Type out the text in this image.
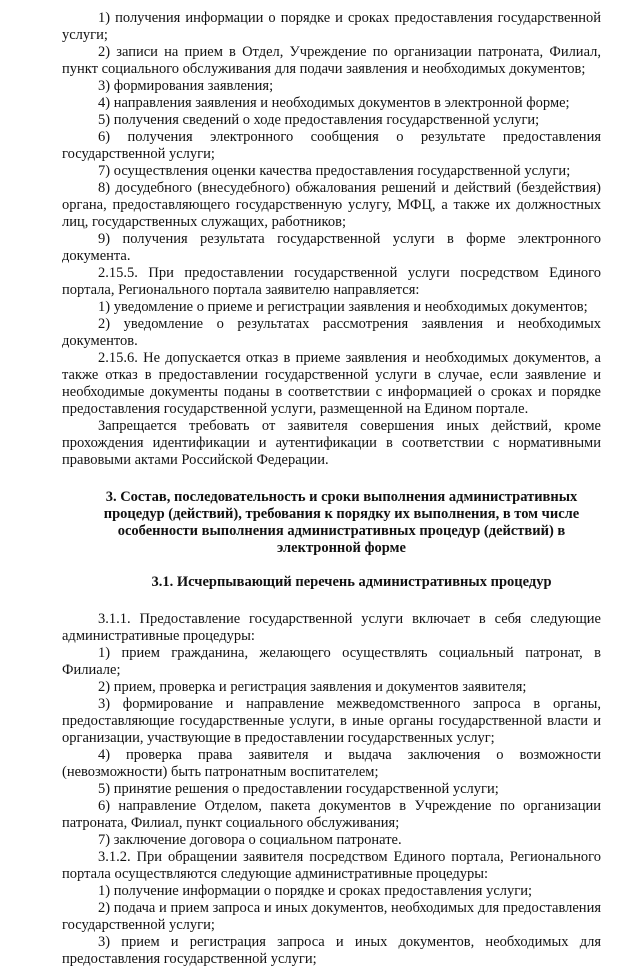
1) получения информации о порядке и сроках предоставления государственной услуги;

2) записи на прием в Отдел, Учреждение по организации патроната, Филиал, пункт социального обслуживания для подачи заявления и необходимых документов;

3) формирования заявления;

4) направления заявления и необходимых документов в электронной форме;

5) получения сведений о ходе предоставления государственной услуги;

6) получения электронного сообщения о результате предоставления государственной услуги;

7) осуществления оценки качества предоставления государственной услуги;

8) досудебного (внесудебного) обжалования решений и действий (бездействия) органа, предоставляющего государственную услугу, МФЦ, а также их должностных лиц, государственных служащих, работников;

9) получения результата государственной услуги в форме электронного документа.

2.15.5. При предоставлении государственной услуги посредством Единого портала, Регионального портала заявителю направляется:

1) уведомление о приеме и регистрации заявления и необходимых документов;

2) уведомление о результатах рассмотрения заявления и необходимых документов.

2.15.6. Не допускается отказ в приеме заявления и необходимых документов, а также отказ в предоставлении государственной услуги в случае, если заявление и необходимые документы поданы в соответствии с информацией о сроках и порядке предоставления государственной услуги, размещенной на Едином портале.

Запрещается требовать от заявителя совершения иных действий, кроме прохождения идентификации и аутентификации в соответствии с нормативными правовыми актами Российской Федерации.

3. Состав, последовательность и сроки выполнения административных процедур (действий), требования к порядку их выполнения, в том числе особенности выполнения административных процедур (действий) в электронной форме

3.1. Исчерпывающий перечень административных процедур

3.1.1. Предоставление государственной услуги включает в себя следующие административные процедуры:

1) прием гражданина, желающего осуществлять социальный патронат, в Филиале;

2) прием, проверка и регистрация заявления и документов заявителя;

3) формирование и направление межведомственного запроса в органы, предоставляющие государственные услуги, в иные органы государственной власти и организации, участвующие в предоставлении государственных услуг;

4) проверка права заявителя и выдача заключения о возможности (невозможности) быть патронатным воспитателем;

5) принятие решения о предоставлении государственной услуги;

6) направление Отделом, пакета документов в Учреждение по организации патроната, Филиал, пункт социального обслуживания;

7) заключение договора о социальном патронате.

3.1.2. При обращении заявителя посредством Единого портала, Регионального портала осуществляются следующие административные процедуры:

1) получение информации о порядке и сроках предоставления услуги;

2) подача и прием запроса и иных документов, необходимых для предоставления государственной услуги;

3) прием и регистрация запроса и иных документов, необходимых для предоставления государственной услуги;
